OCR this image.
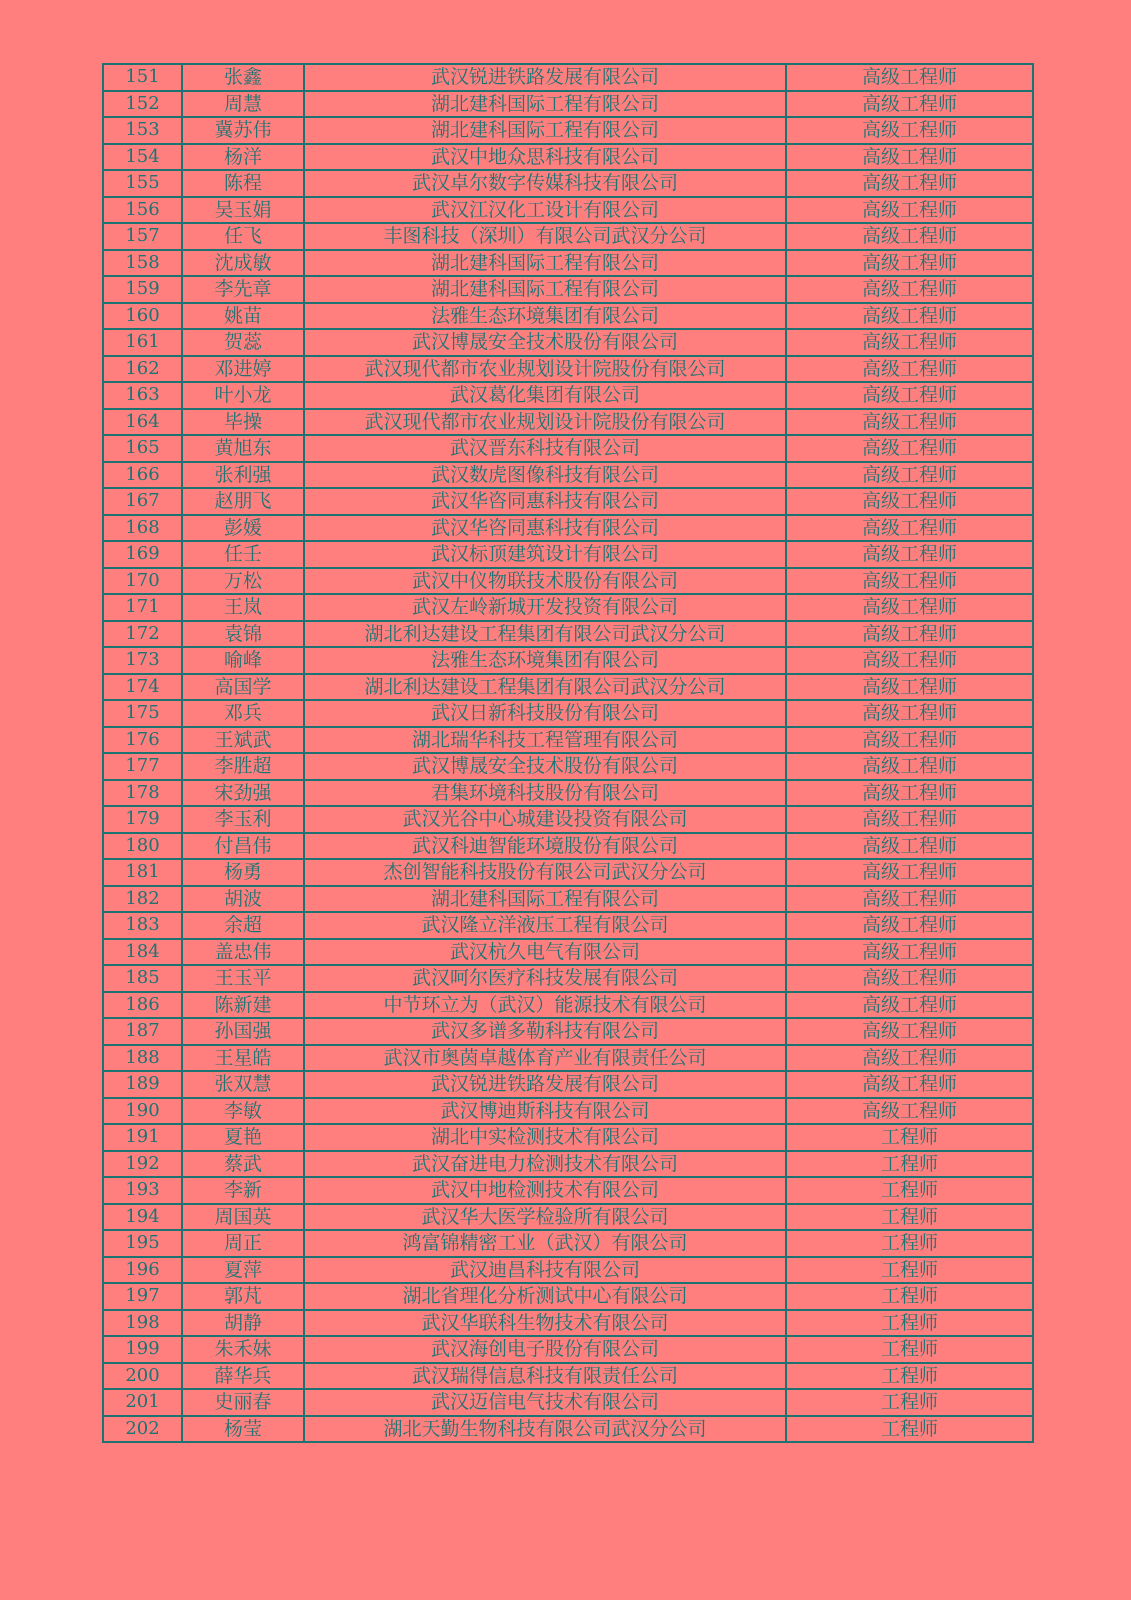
151	张鑫	武汉锐进铁路发展有限公司	高级工程师
152	周慧	湖北建科国际工程有限公司	高级工程师
153	冀苏伟	湖北建科国际工程有限公司	高级工程师
154	杨洋	武汉中地众思科技有限公司	高级工程师
155	陈程	武汉卓尔数字传媒科技有限公司	高级工程师
156	吴玉娟	武汉江汉化工设计有限公司	高级工程师
157	任飞	丰图科技（深圳）有限公司武汉分公司	高级工程师
158	沈成敏	湖北建科国际工程有限公司	高级工程师
159	李先章	湖北建科国际工程有限公司	高级工程师
160	姚苗	法雅生态环境集团有限公司	高级工程师
161	贺蕊	武汉博晟安全技术股份有限公司	高级工程师
162	邓进婷	武汉现代都市农业规划设计院股份有限公司	高级工程师
163	叶小龙	武汉葛化集团有限公司	高级工程师
164	毕操	武汉现代都市农业规划设计院股份有限公司	高级工程师
165	黄旭东	武汉晋东科技有限公司	高级工程师
166	张利强	武汉数虎图像科技有限公司	高级工程师
167	赵朋飞	武汉华咨同惠科技有限公司	高级工程师
168	彭媛	武汉华咨同惠科技有限公司	高级工程师
169	任壬	武汉标顶建筑设计有限公司	高级工程师
170	万松	武汉中仪物联技术股份有限公司	高级工程师
171	王岚	武汉左岭新城开发投资有限公司	高级工程师
172	袁锦	湖北利达建设工程集团有限公司武汉分公司	高级工程师
173	喻峰	法雅生态环境集团有限公司	高级工程师
174	高国学	湖北利达建设工程集团有限公司武汉分公司	高级工程师
175	邓兵	武汉日新科技股份有限公司	高级工程师
176	王斌武	湖北瑞华科技工程管理有限公司	高级工程师
177	李胜超	武汉博晟安全技术股份有限公司	高级工程师
178	宋劲强	君集环境科技股份有限公司	高级工程师
179	李玉利	武汉光谷中心城建设投资有限公司	高级工程师
180	付昌伟	武汉科迪智能环境股份有限公司	高级工程师
181	杨勇	杰创智能科技股份有限公司武汉分公司	高级工程师
182	胡波	湖北建科国际工程有限公司	高级工程师
183	余超	武汉隆立洋液压工程有限公司	高级工程师
184	盖忠伟	武汉杭久电气有限公司	高级工程师
185	王玉平	武汉呵尔医疗科技发展有限公司	高级工程师
186	陈新建	中节环立为（武汉）能源技术有限公司	高级工程师
187	孙国强	武汉多谱多勒科技有限公司	高级工程师
188	王星皓	武汉市奥茵卓越体育产业有限责任公司	高级工程师
189	张双慧	武汉锐进铁路发展有限公司	高级工程师
190	李敏	武汉博迪斯科技有限公司	高级工程师
191	夏艳	湖北中实检测技术有限公司	工程师
192	蔡武	武汉奋进电力检测技术有限公司	工程师
193	李新	武汉中地检测技术有限公司	工程师
194	周国英	武汉华大医学检验所有限公司	工程师
195	周正	鸿富锦精密工业（武汉）有限公司	工程师
196	夏萍	武汉迪昌科技有限公司	工程师
197	郭芃	湖北省理化分析测试中心有限公司	工程师
198	胡静	武汉华联科生物技术有限公司	工程师
199	朱禾妹	武汉海创电子股份有限公司	工程师
200	薛华兵	武汉瑞得信息科技有限责任公司	工程师
201	史丽春	武汉迈信电气技术有限公司	工程师
202	杨莹	湖北天勤生物科技有限公司武汉分公司	工程师
